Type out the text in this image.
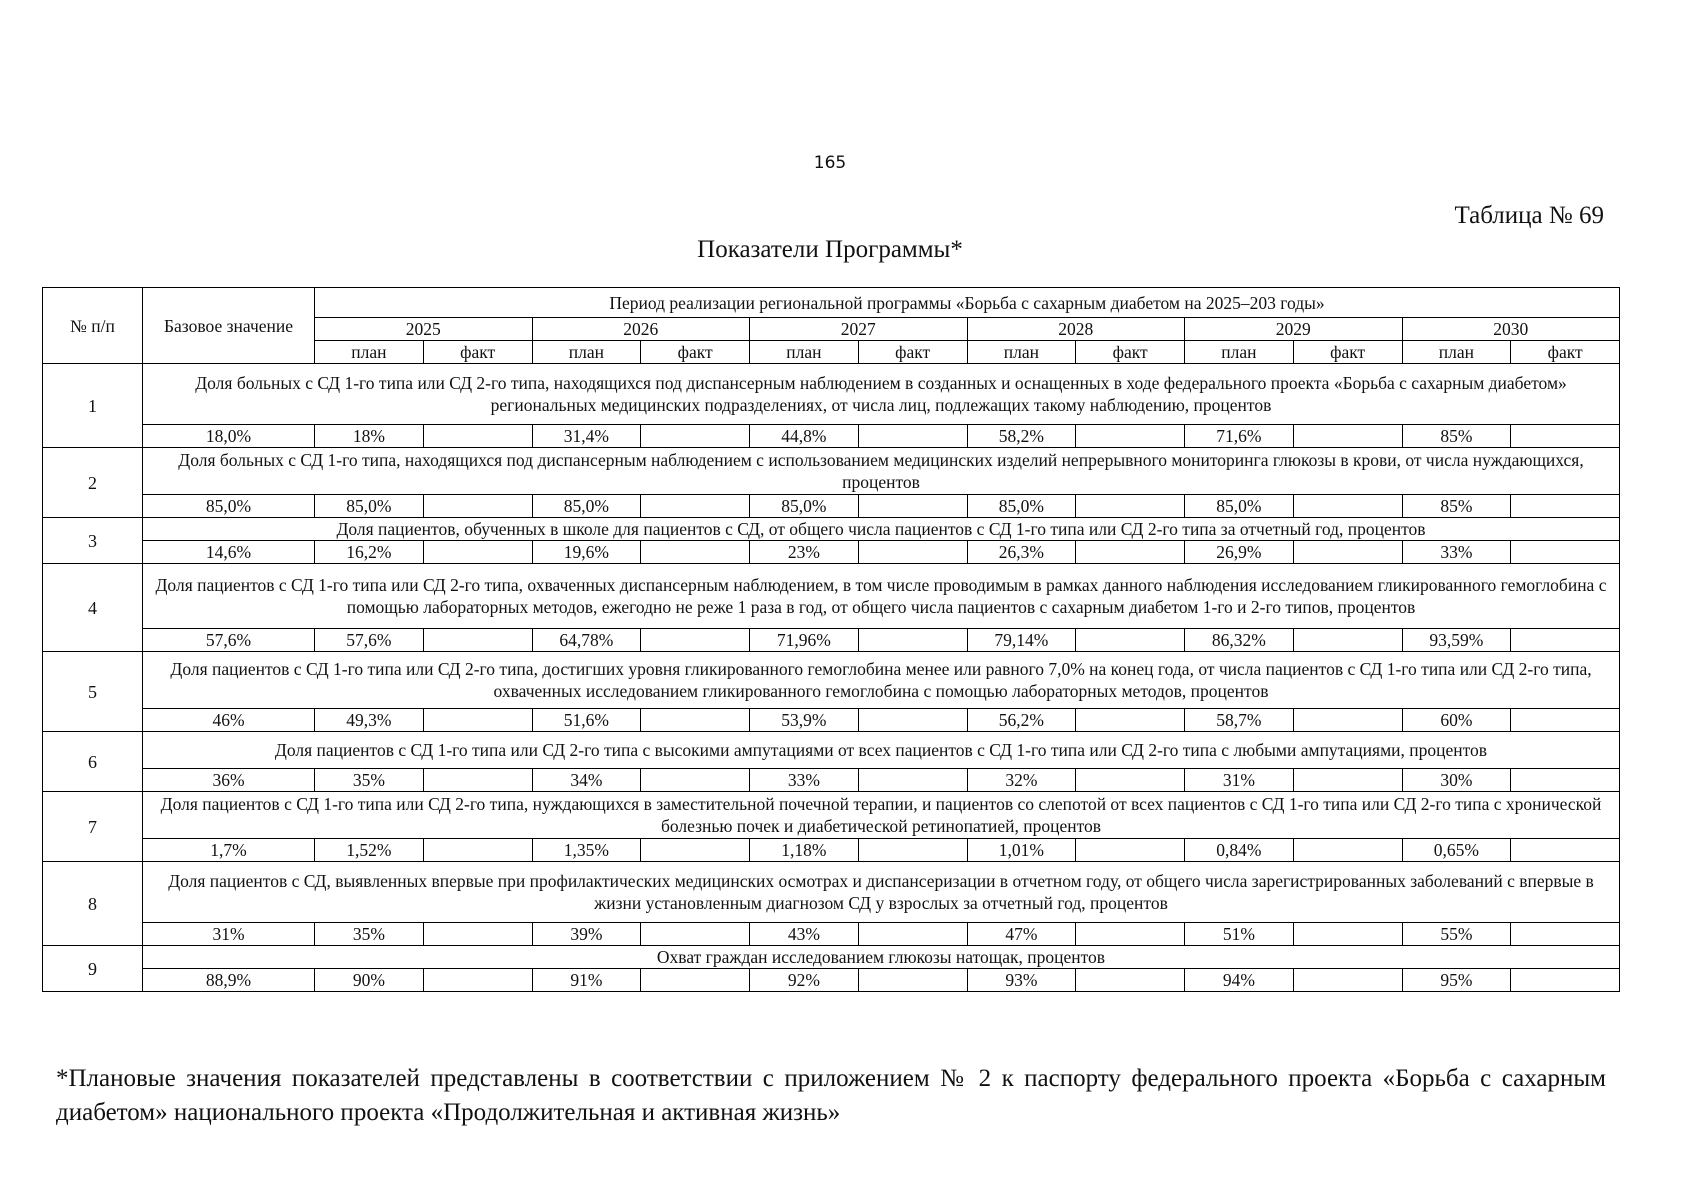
165
Таблица № 69
Показатели Программы*
№ п/п	Базовое значение	Период реализации региональной программы «Борьба с сахарным диабетом на 2025–203 годы»											
		2025		2026		2027		2028		2029		2030	
		план	факт	план	факт	план	факт	план	факт	план	факт	план	факт
1	Доля больных с СД 1-го типа или СД 2-го типа, находящихся под диспансерным наблюдением в созданных и оснащенных в ходе федерального проекта «Борьба с сахарным диабетом» региональных медицинских подразделениях, от числа лиц, подлежащих такому наблюдению, процентов												
	18,0%	18%		31,4%		44,8%		58,2%		71,6%		85%	
2	Доля больных с СД 1-го типа, находящихся под диспансерным наблюдением с использованием медицинских изделий непрерывного мониторинга глюкозы в крови, от числа нуждающихся, процентов												
	85,0%	85,0%		85,0%		85,0%		85,0%		85,0%		85%	
3	Доля пациентов, обученных в школе для пациентов с СД, от общего числа пациентов с СД 1-го типа или СД 2-го типа за отчетный год, процентов												
	14,6%	16,2%		19,6%		23%		26,3%		26,9%		33%	
4	Доля пациентов с СД 1-го типа или СД 2-го типа, охваченных диспансерным наблюдением, в том числе проводимым в рамках данного наблюдения исследованием гликированного гемоглобина с помощью лабораторных методов, ежегодно не реже 1 раза в год, от общего числа пациентов с сахарным диабетом 1-го и 2-го типов, процентов												
	57,6%	57,6%		64,78%		71,96%		79,14%		86,32%		93,59%	
5	Доля пациентов с СД 1-го типа или СД 2-го типа, достигших уровня гликированного гемоглобина менее или равного 7,0% на конец года, от числа пациентов с СД 1-го типа или СД 2-го типа, охваченных исследованием гликированного гемоглобина с помощью лабораторных методов, процентов												
	46%	49,3%		51,6%		53,9%		56,2%		58,7%		60%	
6	Доля пациентов с СД 1-го типа или СД 2-го типа с высокими ампутациями от всех пациентов с СД 1-го типа или СД 2-го типа с любыми ампутациями, процентов												
	36%	35%		34%		33%		32%		31%		30%	
7	Доля пациентов с СД 1-го типа или СД 2-го типа, нуждающихся в заместительной почечной терапии, и пациентов со слепотой от всех пациентов с СД 1-го типа или СД 2-го типа с хронической болезнью почек и диабетической ретинопатией, процентов												
	1,7%	1,52%		1,35%		1,18%		1,01%		0,84%		0,65%	
8	Доля пациентов с СД, выявленных впервые при профилактических медицинских осмотрах и диспансеризации в отчетном году, от общего числа зарегистрированных заболеваний с впервые в жизни установленным диагнозом СД у взрослых за отчетный год, процентов												
	31%	35%		39%		43%		47%		51%		55%	
9	Охват граждан исследованием глюкозы натощак, процентов												
	88,9%	90%		91%		92%		93%		94%		95%	
*Плановые значения показателей представлены в соответствии с приложением № 2 к паспорту федерального проекта «Борьба с сахарным диабетом» национального проекта «Продолжительная и активная жизнь»
